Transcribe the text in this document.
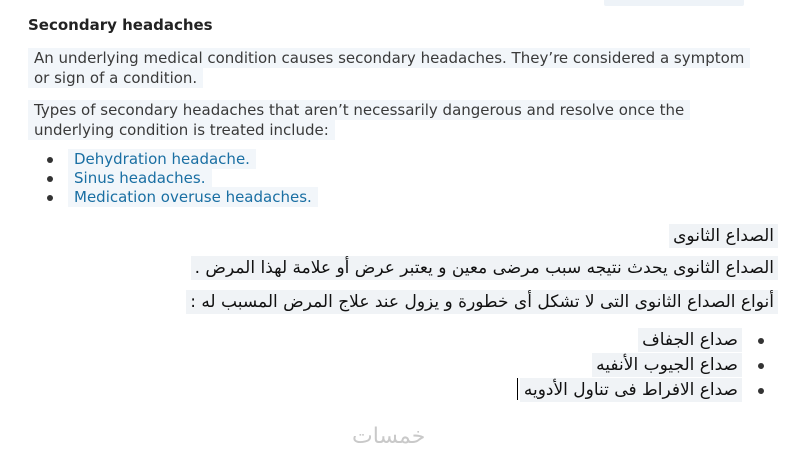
Secondary headaches

An underlying medical condition causes secondary headaches. They’re considered a symptom or sign of a condition.

Types of secondary headaches that aren’t necessarily dangerous and resolve once the underlying condition is treated include:

Dehydration headache.
Sinus headaches.
Medication overuse headaches.
الصداع الثانوى
الصداع الثانوى يحدث نتيجه سبب مرضى معين و يعتبر عرض أو علامة لهذا المرض .
أنواع الصداع الثانوى التى لا تشكل أى خطورة و يزول عند علاج المرض المسبب له :
صداع الجفاف
صداع الجيوب الأنفيه
صداع الافراط فى تناول الأدويه
خمسات
